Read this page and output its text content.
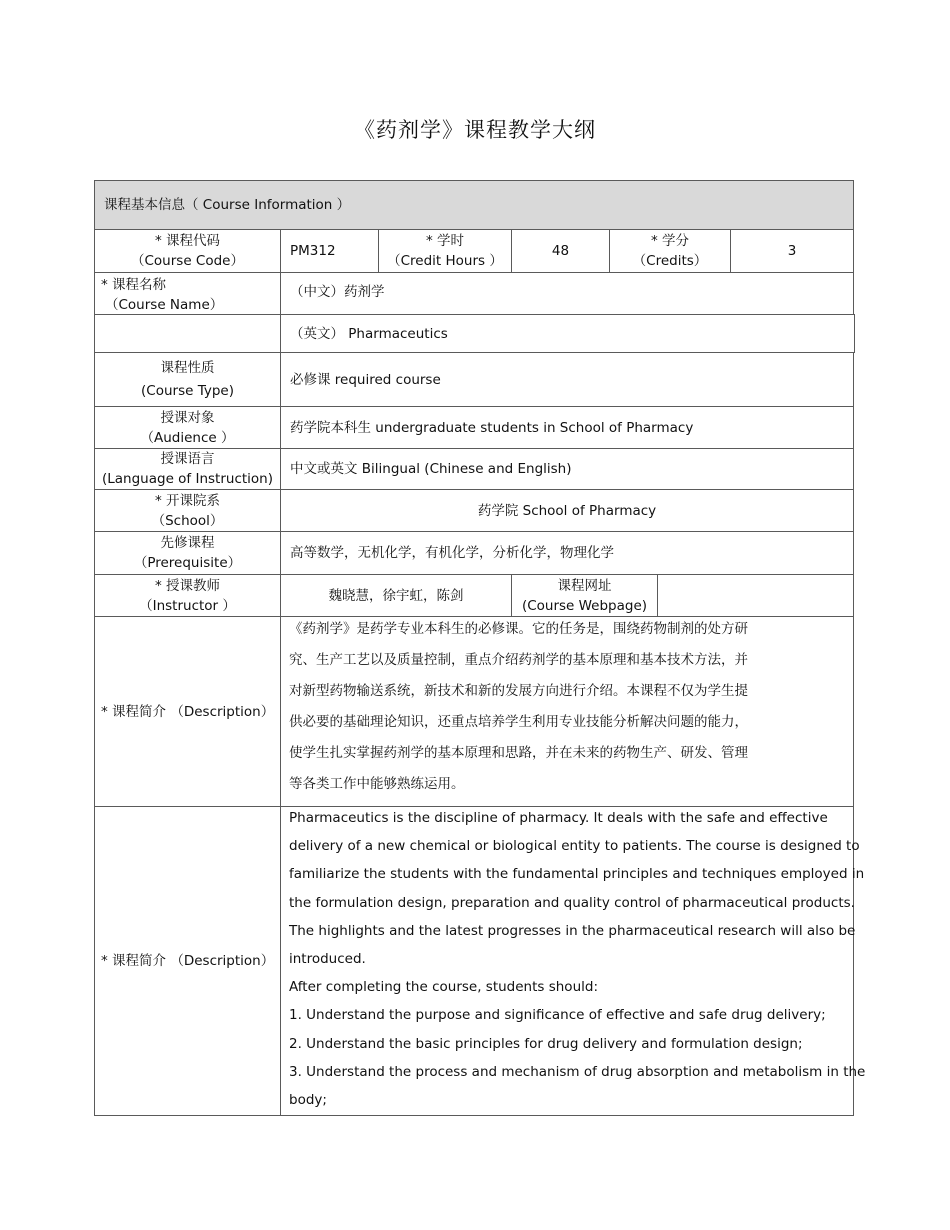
《药剂学》课程教学大纲
课程基本信息（ Course Information ）
* 课程代码
（Course Code）
PM312
* 学时
（Credit Hours ）
48
* 学分
（Credits）
3
* 课程名称
（Course Name）
（中文）药剂学
（英文） Pharmaceutics
课程性质
(Course Type)
必修课 required course
授课对象
（Audience ）
药学院本科生 undergraduate students in School of Pharmacy
授课语言
(Language of Instruction)
中文或英文 Bilingual (Chinese and English)
* 开课院系
（School）
药学院 School of Pharmacy
先修课程
（Prerequisite）
高等数学，无机化学，有机化学，分析化学，物理化学
* 授课教师
（Instructor ）
魏晓慧，徐宇虹，陈剑
课程网址
(Course Webpage)
* 课程简介 （Description）
《药剂学》是药学专业本科生的必修课。它的任务是，围绕药物制剂的处方研
究、生产工艺以及质量控制，重点介绍药剂学的基本原理和基本技术方法，并
对新型药物输送系统，新技术和新的发展方向进行介绍。本课程不仅为学生提
供必要的基础理论知识，还重点培养学生利用专业技能分析解决问题的能力，
使学生扎实掌握药剂学的基本原理和思路，并在未来的药物生产、研发、管理
等各类工作中能够熟练运用。
* 课程简介 （Description）
Pharmaceutics is the discipline of pharmacy. It deals with the safe and effective
delivery of a new chemical or biological entity to patients. The course is designed to
familiarize the students with the fundamental principles and techniques employed in
the formulation design, preparation and quality control of pharmaceutical products.
The highlights and the latest progresses in the pharmaceutical research will also be
introduced.
After completing the course, students should:
1. Understand the purpose and significance of effective and safe drug delivery;
2. Understand the basic principles for drug delivery and formulation design;
3. Understand the process and mechanism of drug absorption and metabolism in the
body;
